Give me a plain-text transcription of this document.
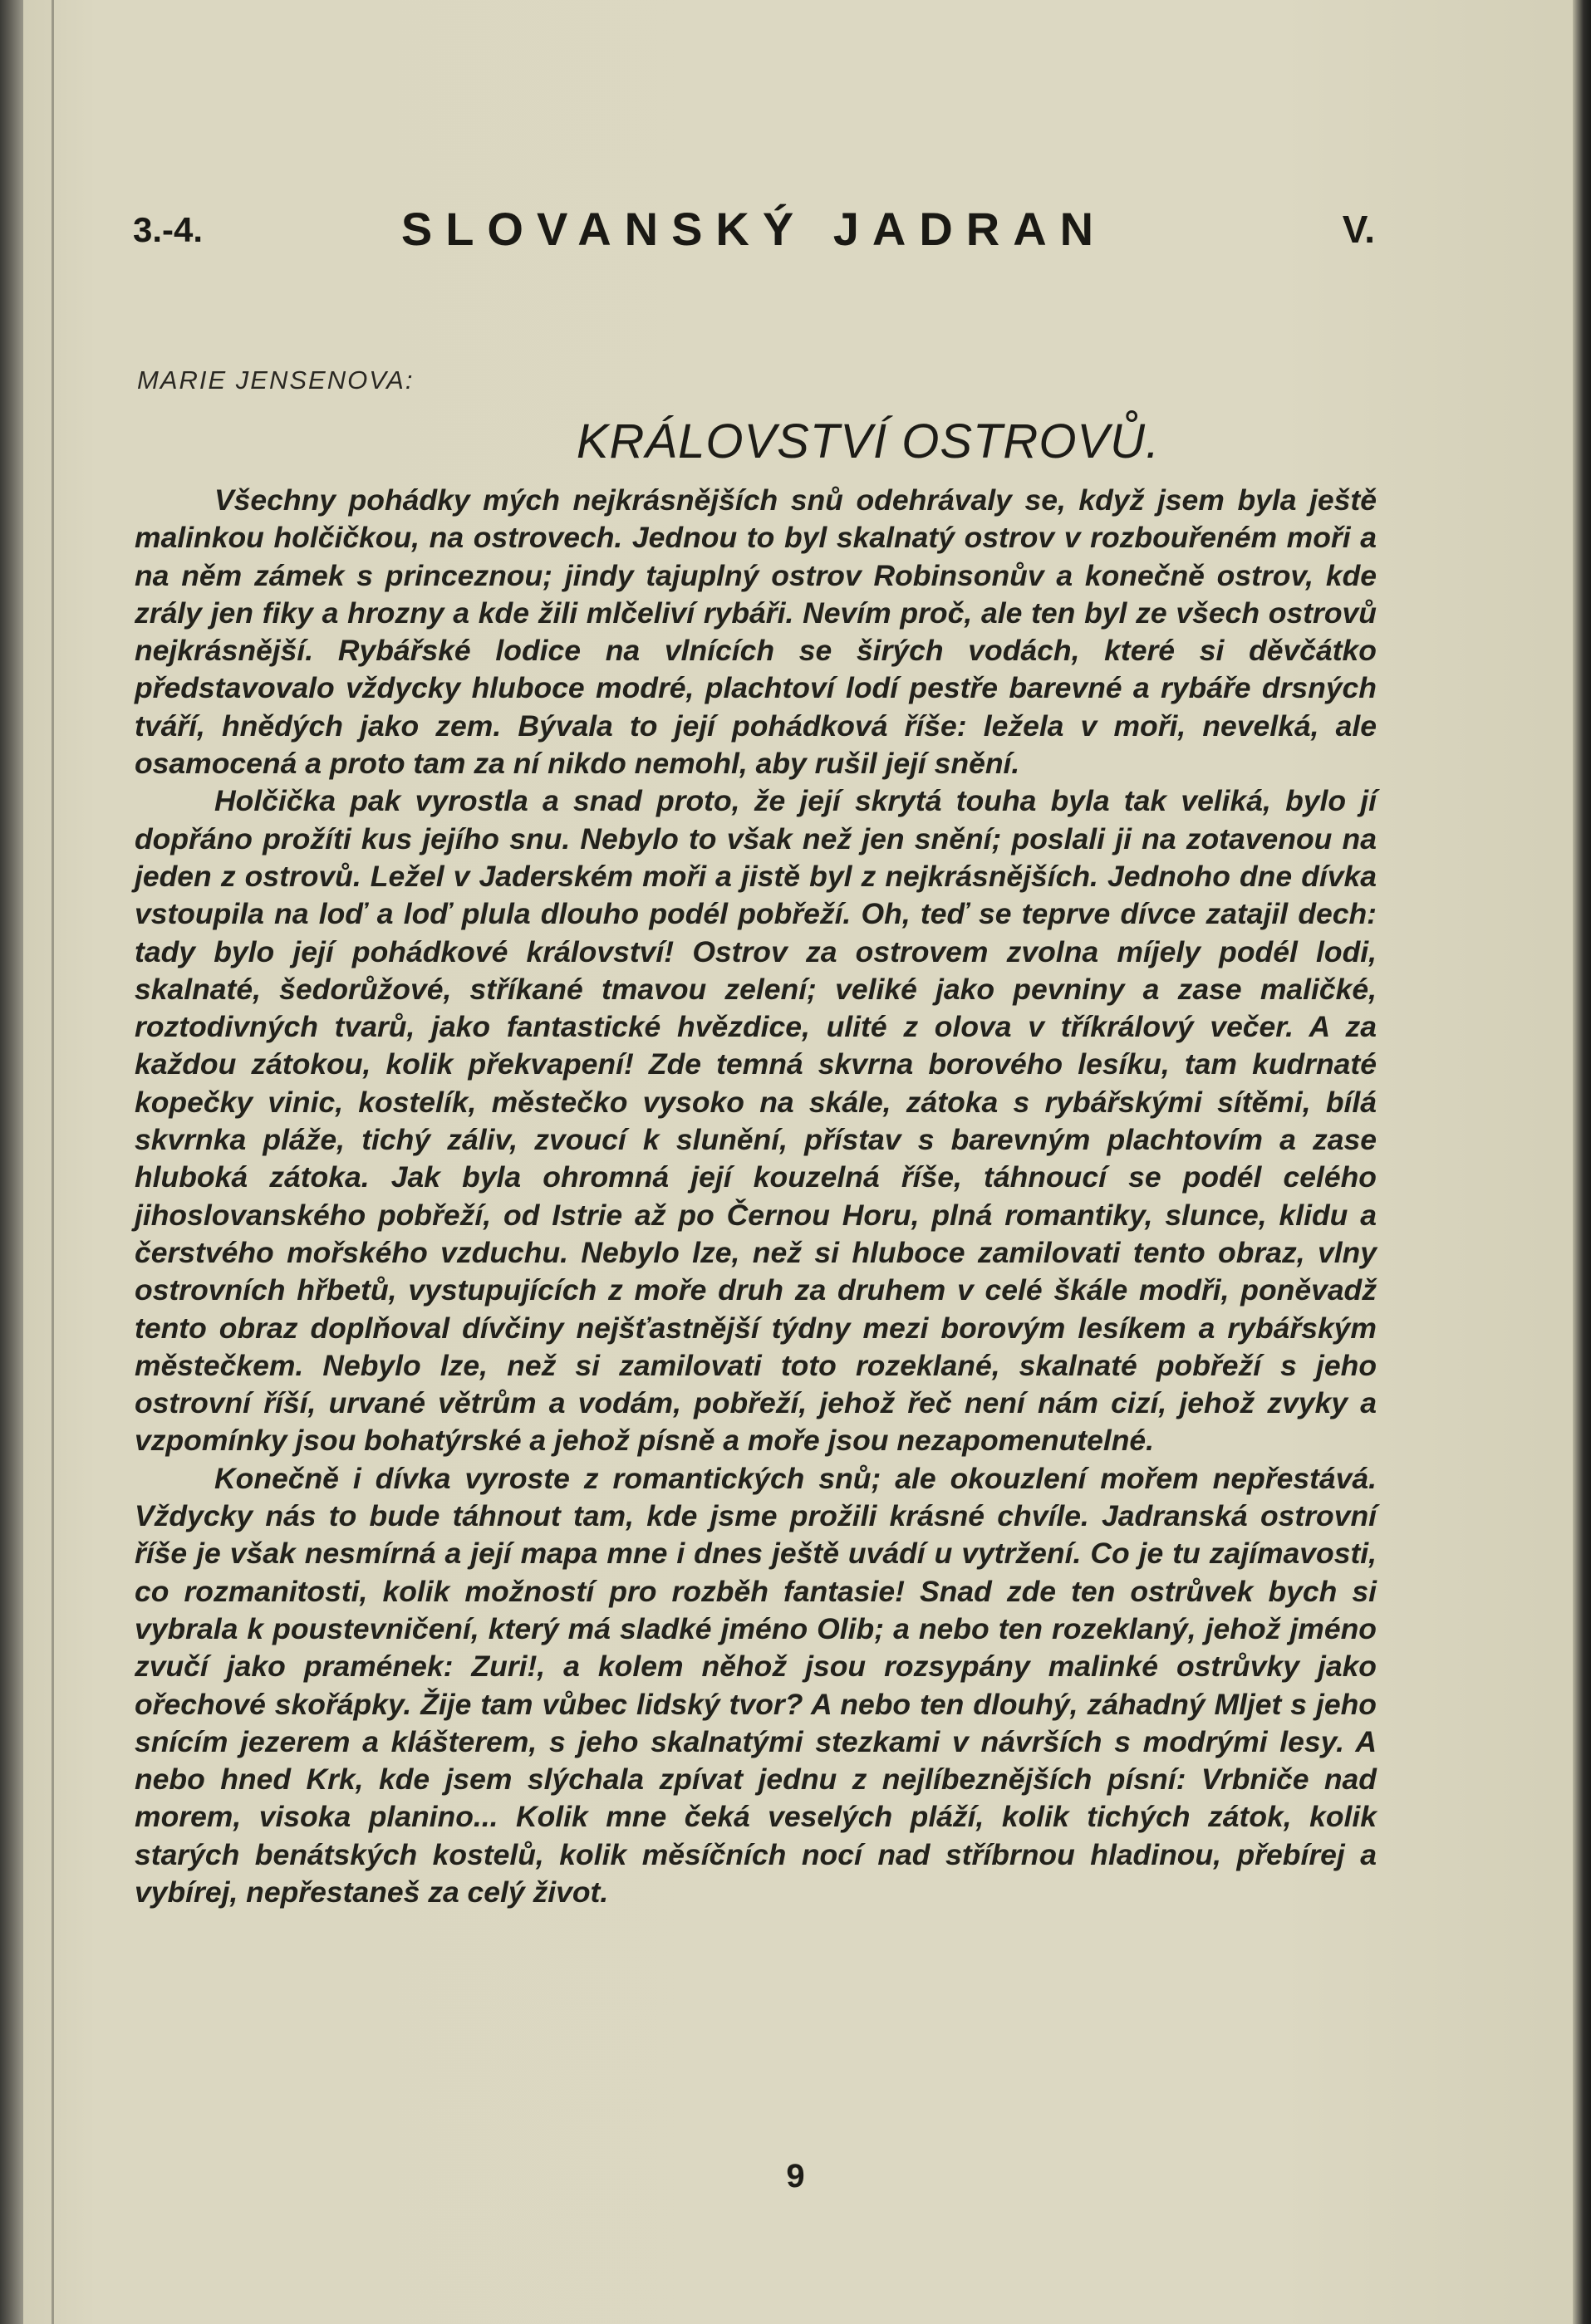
3.-4.	SLOVANSKÝ JADRAN	V.
MARIE JENSENOVA:
KRÁLOVSTVÍ OSTROVŮ.

Všechny pohádky mých nejkrásnějších snů odehrávaly se, když jsem byla ještě malinkou holčičkou, na ostrovech. Jednou to byl skalnatý ostrov v rozbouřeném moři a na něm zámek s princeznou; jindy tajuplný ostrov Robinsonův a konečně ostrov, kde zrály jen fiky a hrozny a kde žili mlčeliví rybáři. Nevím proč, ale ten byl ze všech ostrovů nejkrásnější. Rybářské lodice na vlnících se širých vodách, které si děvčátko představovalo vždycky hluboce modré, plachtoví lodí pestře barevné a rybáře drsných tváří, hnědých jako zem. Bývala to její pohádková říše: ležela v moři, nevelká, ale osamocená a proto tam za ní nikdo nemohl, aby rušil její snění.

Holčička pak vyrostla a snad proto, že její skrytá touha byla tak veliká, bylo jí dopřáno prožíti kus jejího snu. Nebylo to však než jen snění; poslali ji na zotavenou na jeden z ostrovů. Ležel v Jaderském moři a jistě byl z nejkrásnějších. Jednoho dne dívka vstoupila na loď a loď plula dlouho podél pobřeží. Oh, teď se teprve dívce zatajil dech: tady bylo její pohádkové království! Ostrov za ostrovem zvolna míjely podél lodi, skalnaté, šedorůžové, stříkané tmavou zelení; veliké jako pevniny a zase maličké, roztodivných tvarů, jako fantastické hvězdice, ulité z olova v tříkrálový večer. A za každou zátokou, kolik překvapení! Zde temná skvrna borového lesíku, tam kudrnaté kopečky vinic, kostelík, městečko vysoko na skále, zátoka s rybářskými sítěmi, bílá skvrnka pláže, tichý záliv, zvoucí k slunění, přístav s barevným plachtovím a zase hluboká zátoka. Jak byla ohromná její kouzelná říše, táhnoucí se podél celého jihoslovanského pobřeží, od Istrie až po Černou Horu, plná romantiky, slunce, klidu a čerstvého mořského vzduchu. Nebylo lze, než si hluboce zamilovati tento obraz, vlny ostrovních hřbetů, vystupujících z moře druh za druhem v celé škále modři, poněvadž tento obraz doplňoval dívčiny nejšťastnější týdny mezi borovým lesíkem a rybářským městečkem. Nebylo lze, než si zamilovati toto rozeklané, skalnaté pobřeží s jeho ostrovní říší, urvané větrům a vodám, pobřeží, jehož řeč není nám cizí, jehož zvyky a vzpomínky jsou bohatýrské a jehož písně a moře jsou nezapomenutelné.

Konečně i dívka vyroste z romantických snů; ale okouzlení mořem nepřestává. Vždycky nás to bude táhnout tam, kde jsme prožili krásné chvíle. Jadranská ostrovní říše je však nesmírná a její mapa mne i dnes ještě uvádí u vytržení. Co je tu zajímavosti, co rozmanitosti, kolik možností pro rozběh fantasie! Snad zde ten ostrůvek bych si vybrala k poustevničení, který má sladké jméno Olib; a nebo ten rozeklaný, jehož jméno zvučí jako pramének: Zuri!, a kolem něhož jsou rozsypány malinké ostrůvky jako ořechové skořápky. Žije tam vůbec lidský tvor? A nebo ten dlouhý, záhadný Mljet s jeho snícím jezerem a klášterem, s jeho skalnatými stezkami v návrších s modrými lesy. A nebo hned Krk, kde jsem slýchala zpívat jednu z nejlíbeznějších písní: Vrbniče nad morem, visoka planino... Kolik mne čeká veselých pláží, kolik tichých zátok, kolik starých benátských kostelů, kolik měsíčních nocí nad stříbrnou hladinou, přebírej a vybírej, nepřestaneš za celý život.

9
